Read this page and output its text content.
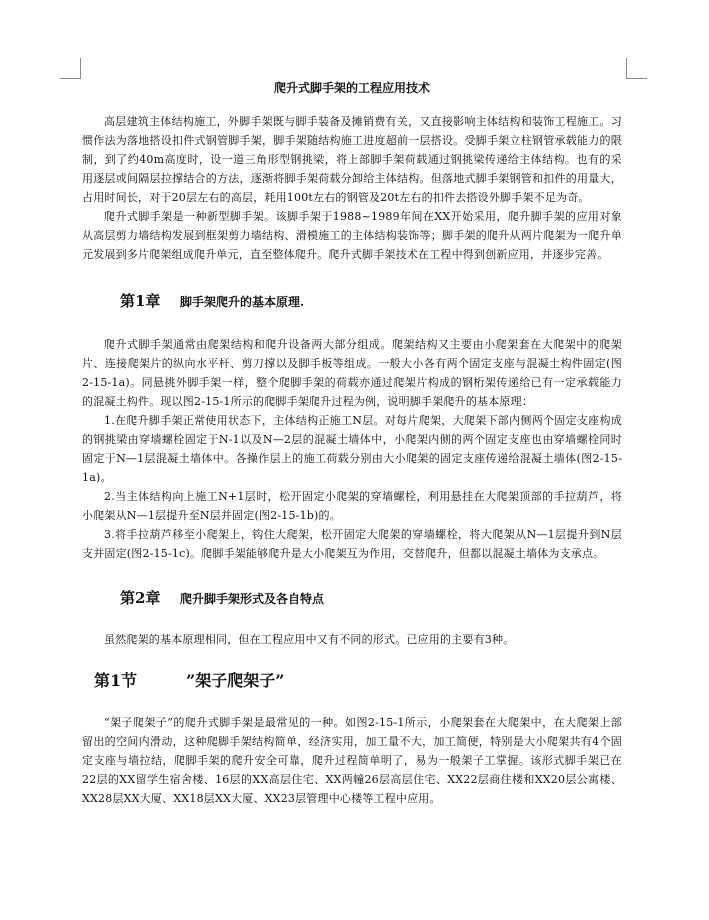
爬升式脚手架的工程应用技术

高层建筑主体结构施工，外脚手架既与脚手装备及摊销费有关，又直接影响主体结构和装饰工程施工。习惯作法为落地搭设扣件式钢管脚手架，脚手架随结构施工进度超前一层搭设。受脚手架立柱钢管承载能力的限制，到了约40m高度时，设一道三角形型钢挑梁，将上部脚手架荷载通过钢挑梁传递给主体结构。也有的采用逐层或间隔层拉撑结合的方法，逐渐将脚手架荷载分卸给主体结构。但落地式脚手架钢管和扣件的用量大，占用时间长，对于20层左右的高层，耗用100t左右的钢管及20t左右的扣件去搭设外脚手架不足为奇。

爬升式脚手架是一种新型脚手架。该脚手架于1988~1989年间在XX开始采用，爬升脚手架的应用对象从高层剪力墙结构发展到框架剪力墙结构、滑模施工的主体结构装饰等；脚手架的爬升从两片爬架为一爬升单元发展到多片爬架组成爬升单元，直至整体爬升。爬升式脚手架技术在工程中得到创新应用，并逐步完善。

第1章 脚手架爬升的基本原理.

爬升式脚手架通常由爬架结构和爬升设备两大部分组成。爬架结构又主要由小爬架套在大爬架中的爬架片、连接爬架片的纵向水平杆、剪刀撑以及脚手板等组成。一般大小各有两个固定支座与混凝土构件固定(图2-15-1a)。同悬挑外脚手架一样，整个爬脚手架的荷载亦通过爬架片构成的钢桁架传递给已有一定承载能力的混凝土构件。现以图2-15-1所示的爬脚手架爬升过程为例，说明脚手架爬升的基本原理：

1.在爬升脚手架正常使用状态下，主体结构正施工N层。对每片爬架，大爬架下部内侧两个固定支座构成的钢挑梁由穿墙螺栓固定于N-1以及N—2层的混凝土墙体中，小爬架内侧的两个固定支座也由穿墙螺栓同时固定于N—1层混凝土墙体中。各操作层上的施工荷载分别由大小爬架的固定支座传递给混凝土墙体(图2-15-1a)。

2.当主体结构向上施工N+1层时，松开固定小爬架的穿墙螺栓，利用悬挂在大爬架顶部的手拉葫芦，将小爬架从N—1层提升至N层并固定(图2-15-1b)的。

3.将手拉葫芦移至小爬架上，钩住大爬架，松开固定大爬架的穿墙螺栓，将大爬架从N—1层提升到N层支并固定(图2-15-1c)。爬脚手架能够爬升是大小爬架互为作用，交替爬升，但都以混凝土墙体为支承点。

第2章 爬升脚手架形式及各自特点

虽然爬架的基本原理相同，但在工程应用中又有不同的形式。已应用的主要有3种。

第1节	”架子爬架子”

“架子爬架子”的爬升式脚手架是最常见的一种。如图2-15-1所示，小爬架套在大爬架中，在大爬架上部留出的空间内滑动，这种爬脚手架结构简单，经济实用，加工量不大，加工简便，特别是大小爬架共有4个固定支座与墙拉结，爬脚手架的爬升安全可靠，爬升过程简单明了，易为一般架子工掌握。该形式脚手架已在22层的XX留学生宿舍楼、16层的XX高层住宅、XX两幢26层高层住宅、XX22层商住楼和XX20层公寓楼、XX28层XX大厦、XX18层XX大厦、XX23层管理中心楼等工程中应用。
